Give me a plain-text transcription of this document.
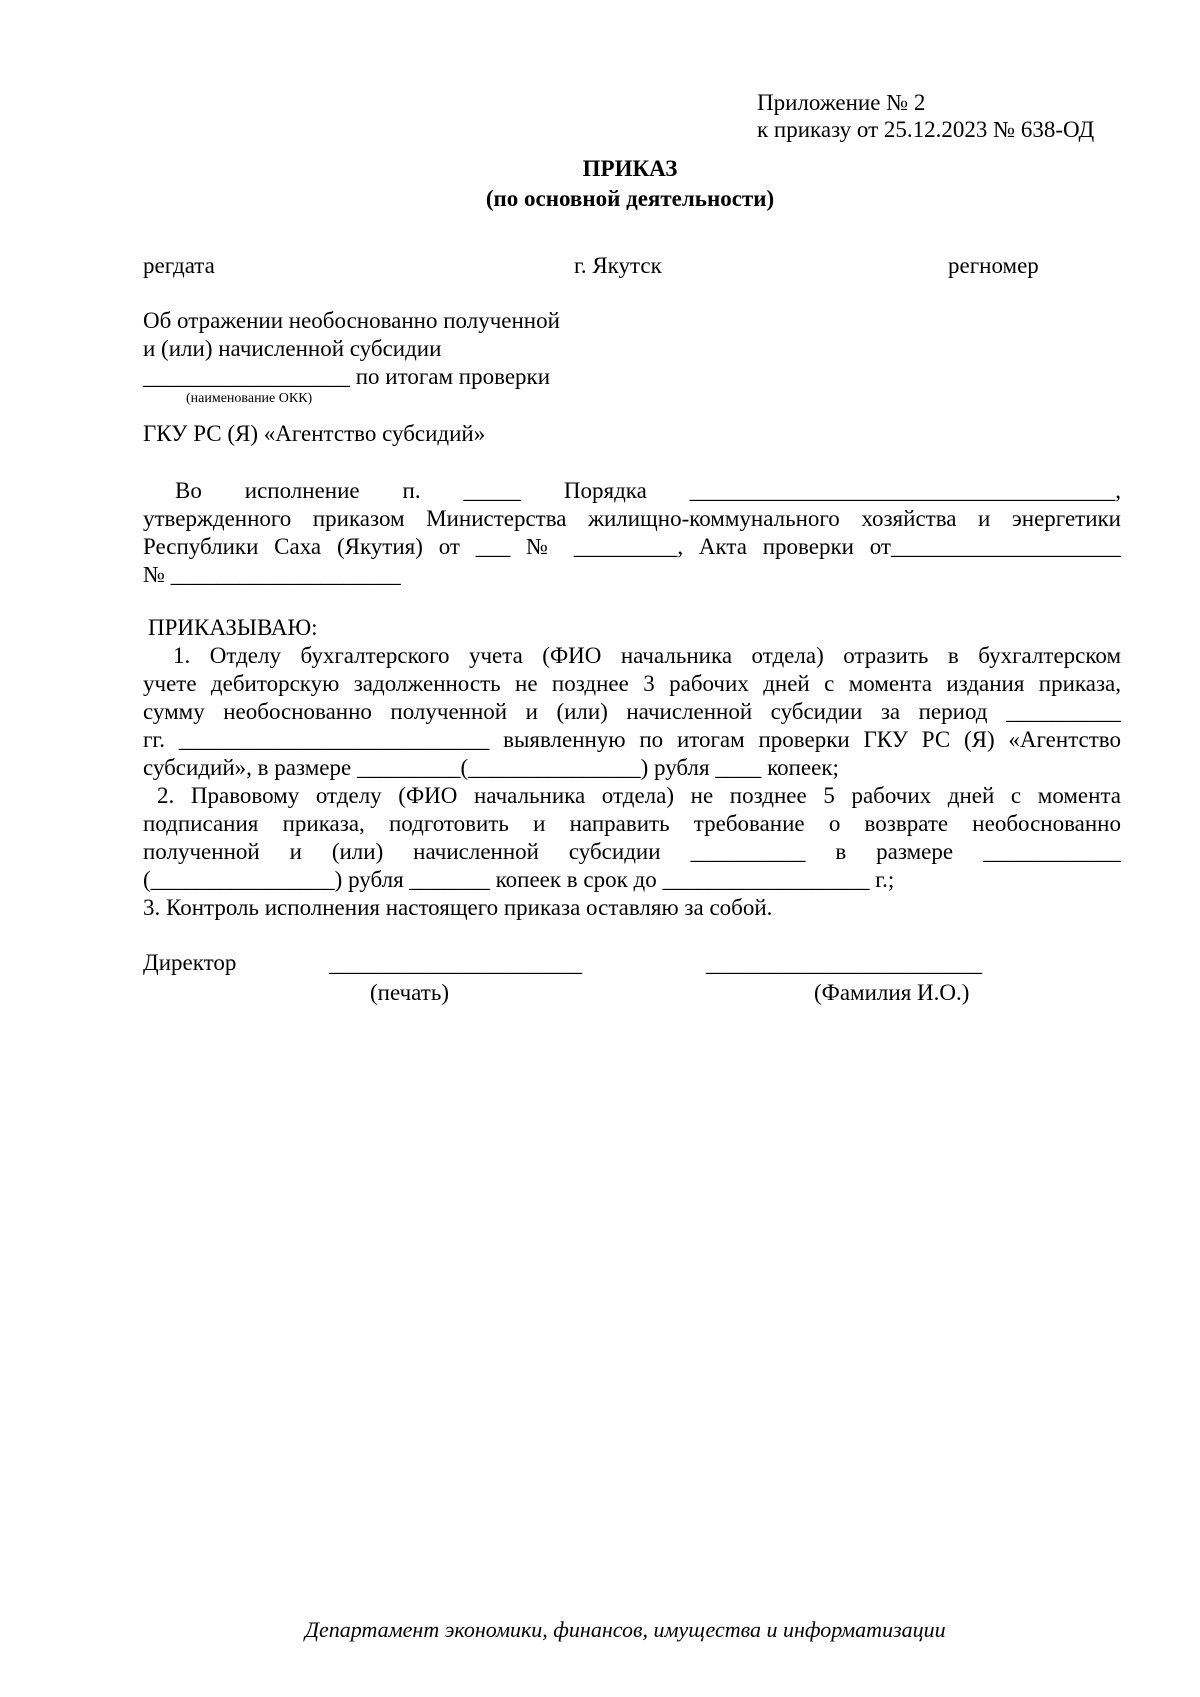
Приложение № 2
к приказу от 25.12.2023 № 638-ОД
ПРИКАЗ
(по основной деятельности)
регдата	г. Якутск	регномер
Об отражении необоснованно полученной
и (или) начисленной субсидии
__________________ по итогам проверки
(наименование ОКК)
ГКУ РС (Я) «Агентство субсидий»
Во исполнение п. _____ Порядка _____________________________________,
утвержденного приказом Министерства жилищно-коммунального хозяйства и энергетики
Республики Саха (Якутия) от ___ № _________, Акта проверки от____________________
№ ____________________
ПРИКАЗЫВАЮ:
1. Отделу бухгалтерского учета (ФИО начальника отдела) отразить в бухгалтерском
учете дебиторскую задолженность не позднее 3 рабочих дней с момента издания приказа,
сумму необоснованно полученной и (или) начисленной субсидии за период __________
гг. ___________________________ выявленную по итогам проверки ГКУ РС (Я) «Агентство
субсидий», в размере _________(_______________) рубля ____ копеек;
2. Правовому отделу (ФИО начальника отдела) не позднее 5 рабочих дней с момента
подписания приказа, подготовить и направить требование о возврате необоснованно
полученной и (или) начисленной субсидии __________ в размере ____________
(________________) рубля _______ копеек в срок до __________________ г.;
3. Контроль исполнения настоящего приказа оставляю за собой.
Директор	______________________	________________________
(печать)	(Фамилия И.О.)
Департамент экономики, финансов, имущества и информатизации
